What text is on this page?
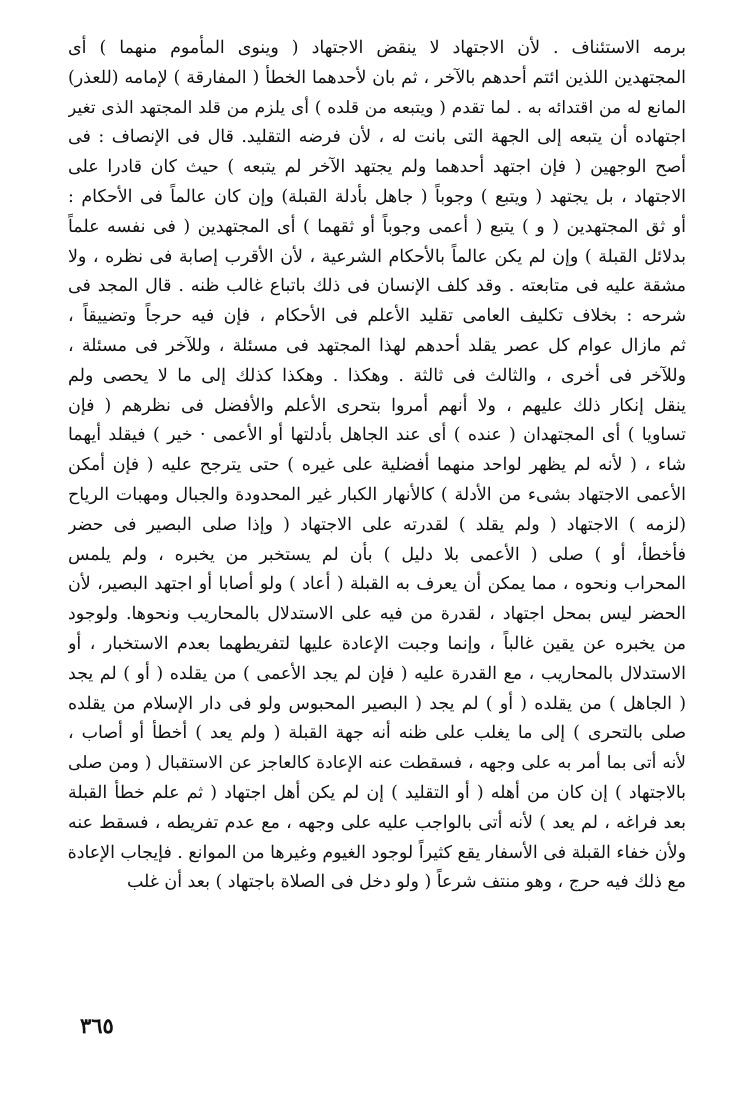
برمه الاستئناف . لأن الاجتهاد لا ينقض الاجتهاد ( وينوى المأموم منهما ) أى
المجتهدين اللذين ائتم أحدهم بالآخر ، ثم بان لأحدهما الخطأ ( المفارقة ) لإمامه (للعذر)
المانع له من اقتدائه به . لما تقدم ( ويتبعه من قلده ) أى يلزم من قلد المجتهد الذى تغير
اجتهاده أن يتبعه إلى الجهة التى بانت له ، لأن فرضه التقليد. قال فى الإنصاف : فى
أصح الوجهين ( فإن اجتهد أحدهما ولم يجتهد الآخر لم يتبعه ) حيث كان قادرا على
الاجتهاد ، بل يجتهد ( ويتبع ) وجوباً ( جاهل بأدلة القبلة) وإن كان عالماً فى الأحكام :
أو ثق المجتهدين ( و ) يتبع ( أعمى وجوباً أو ثقهما ) أى المجتهدين ( فى نفسه علماً
بدلائل القبلة ) وإن لم يكن عالماً بالأحكام الشرعية ، لأن الأقرب إصابة فى نظره ، ولا
مشقة عليه فى متابعته . وقد كلف الإنسان فى ذلك باتباع غالب ظنه . قال المجد فى
شرحه : بخلاف تكليف العامى تقليد الأعلم فى الأحكام ، فإن فيه حرجاً وتضييقاً ،
ثم مازال عوام كل عصر يقلد أحدهم لهذا المجتهد فى مسئلة ، وللآخر فى مسئلة ،
وللآخر فى أخرى ، والثالث فى ثالثة . وهكذا . وهكذا كذلك إلى ما لا يحصى ولم
ينقل إنكار ذلك عليهم ، ولا أنهم أمروا بتحرى الأعلم والأفضل فى نظرهم ( فإن
تساويا ) أى المجتهدان ( عنده ) أى عند الجاهل بأدلتها أو الأعمى · خير ) فيقلد أيهما
شاء ، ( لأنه لم يظهر لواحد منهما أفضلية على غيره ) حتى يترجح عليه ( فإن أمكن
الأعمى الاجتهاد بشىء من الأدلة ) كالأنهار الكبار غير المحدودة والجبال ومهبات الرياح
(لزمه ) الاجتهاد ( ولم يقلد ) لقدرته على الاجتهاد ( وإذا صلى البصير فى حضر
فأخطأ، أو ) صلى ( الأعمى بلا دليل ) بأن لم يستخبر من يخبره ، ولم يلمس
المحراب ونحوه ، مما يمكن أن يعرف به القبلة ( أعاد ) ولو أصابا أو اجتهد البصير، لأن
الحضر ليس بمحل اجتهاد ، لقدرة من فيه على الاستدلال بالمحاريب ونحوها. ولوجود
من يخبره عن يقين غالباً ، وإنما وجبت الإعادة عليها لتفريطهما بعدم الاستخبار ، أو
الاستدلال بالمحاريب ، مع القدرة عليه ( فإن لم يجد الأعمى ) من يقلده ( أو ) لم يجد
( الجاهل ) من يقلده ( أو ) لم يجد ( البصير المحبوس ولو فى دار الإسلام من يقلده
صلى بالتحرى ) إلى ما يغلب على ظنه أنه جهة القبلة ( ولم يعد ) أخطأ أو أصاب ،
لأنه أتى بما أمر به على وجهه ، فسقطت عنه الإعادة كالعاجز عن الاستقبال ( ومن صلى
بالاجتهاد ) إن كان من أهله ( أو التقليد ) إن لم يكن أهل اجتهاد ( ثم علم خطأ القبلة
بعد فراغه ، لم يعد ) لأنه أتى بالواجب عليه على وجهه ، مع عدم تفريطه ، فسقط عنه
ولأن خفاء القبلة فى الأسفار يقع كثيراً لوجود الغيوم وغيرها من الموانع . فإيجاب الإعادة
مع ذلك فيه حرج ، وهو منتف شرعاً ( ولو دخل فى الصلاة باجتهاد ) بعد أن غلب
٣٦٥
